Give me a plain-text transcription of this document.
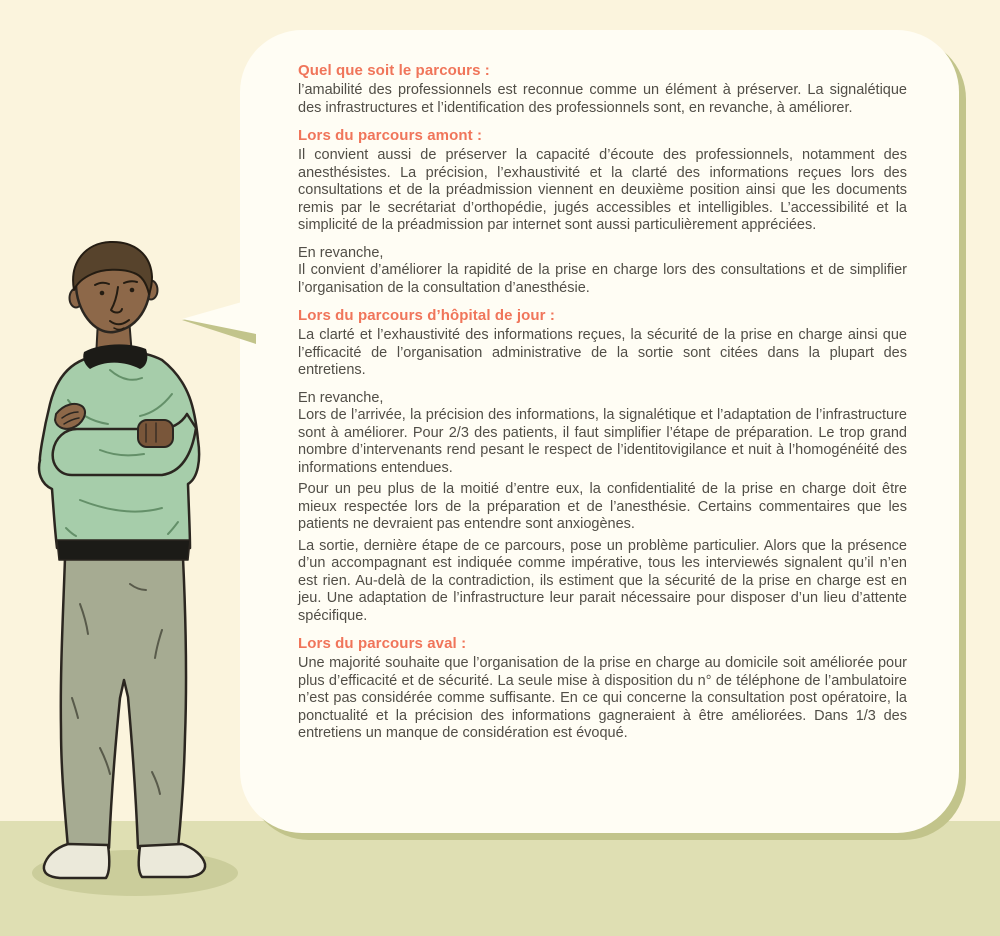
Quel que soit le parcours :

l’amabilité des professionnels est reconnue comme un élément à préserver. La signalétique des infrastructures et l’identification des professionnels sont, en revanche, à améliorer.

Lors du parcours amont :

Il convient aussi de préserver la capacité d’écoute des professionnels, notamment des anesthésistes. La précision, l’exhaustivité et la clarté des informations reçues lors des consultations et de la préadmission viennent en deuxième position ainsi que les documents remis par le secrétariat d’orthopédie, jugés accessibles et intelligibles. L’accessibilité et la simplicité de la préadmission par internet sont aussi particulièrement appréciées.

En revanche,

Il convient d’améliorer la rapidité de la prise en charge lors des consultations et de simplifier l’organisation de la consultation d’anesthésie.

Lors du parcours d’hôpital de jour :

La clarté et l’exhaustivité des informations reçues, la sécurité de la prise en charge ainsi que l’efficacité de l’organisation administrative de la sortie sont citées dans la plupart des entretiens.

En revanche,

Lors de l’arrivée, la précision des informations, la signalétique et l’adaptation de l’infrastructure sont à améliorer. Pour 2/3 des patients, il faut simplifier l’étape de préparation. Le trop grand nombre d’intervenants rend pesant le respect de l’identitovigilance et nuit à l’homogénéité des informations entendues.

Pour un peu plus de la moitié d’entre eux, la confidentialité de la prise en charge doit être mieux respectée lors de la préparation et de l’anesthésie. Certains commentaires que les patients ne devraient pas entendre sont anxiogènes.

La sortie, dernière étape de ce parcours, pose un problème particulier. Alors que la présence d’un accompagnant est indiquée comme impérative, tous les interviewés signalent qu’il n’en est rien. Au-delà de la contradiction, ils estiment que la sécurité de la prise en charge est en jeu. Une adaptation de l’infrastructure leur parait nécessaire pour disposer d’un lieu d’attente spécifique.

Lors du parcours aval :

Une majorité souhaite que l’organisation de la prise en charge au domicile soit améliorée pour plus d’efficacité et de sécurité. La seule mise à disposition du n° de téléphone de l’ambulatoire n’est pas considérée comme suffisante. En ce qui concerne la consultation post opératoire, la ponctualité et la précision des informations gagneraient à être améliorées. Dans 1/3 des entretiens un manque de considération est évoqué.
